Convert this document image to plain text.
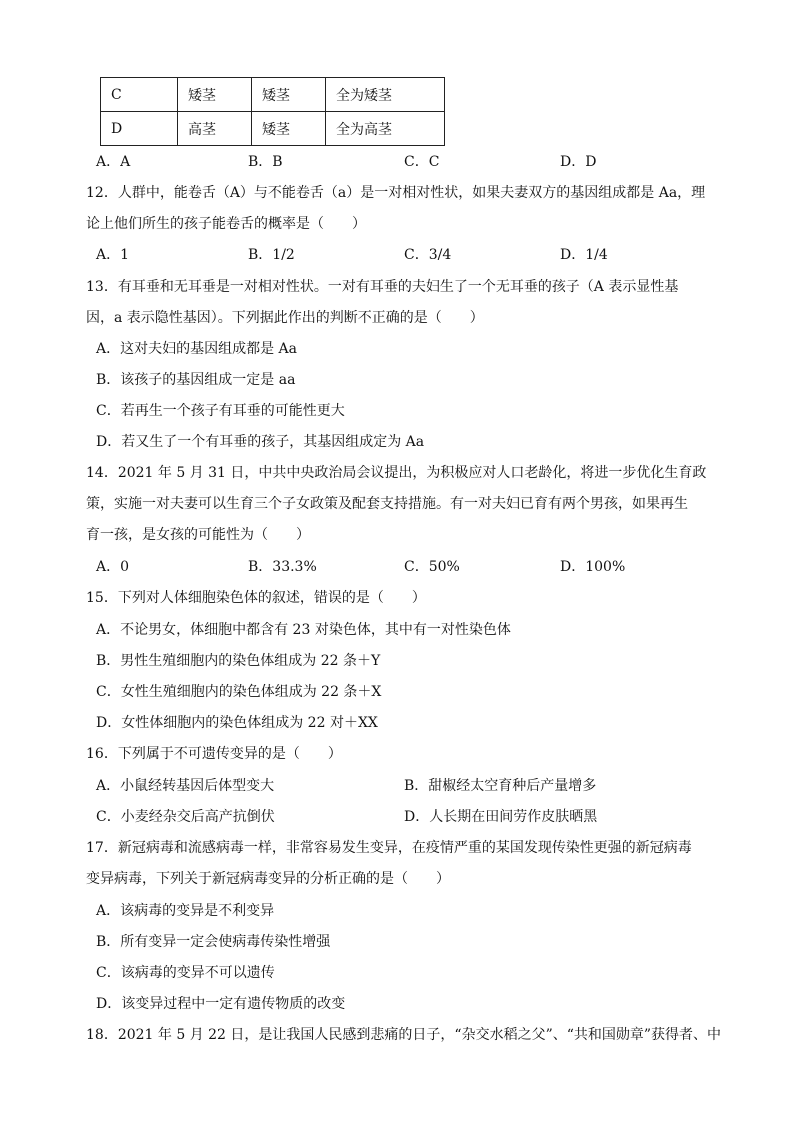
C	矮茎	矮茎	全为矮茎
D	高茎	矮茎	全为高茎
A．A	B．B	C．C	D．D
12．人群中，能卷舌（A）与不能卷舌（a）是一对相对性状，如果夫妻双方的基因组成都是 Aa，理
论上他们所生的孩子能卷舌的概率是（　　）
A．1	B．1/2	C．3/4	D．1/4
13．有耳垂和无耳垂是一对相对性状。一对有耳垂的夫妇生了一个无耳垂的孩子（A 表示显性基
因，a 表示隐性基因）。下列据此作出的判断不正确的是（　　）
A．这对夫妇的基因组成都是 Aa
B．该孩子的基因组成一定是 aa
C．若再生一个孩子有耳垂的可能性更大
D．若又生了一个有耳垂的孩子，其基因组成定为 Aa
14．2021 年 5 月 31 日，中共中央政治局会议提出，为积极应对人口老龄化，将进一步优化生育政
策，实施一对夫妻可以生育三个子女政策及配套支持措施。有一对夫妇已育有两个男孩，如果再生
育一孩，是女孩的可能性为（　　）
A．0	B．33.3%	C．50%	D．100%
15．下列对人体细胞染色体的叙述，错误的是（　　）
A．不论男女，体细胞中都含有 23 对染色体，其中有一对性染色体
B．男性生殖细胞内的染色体组成为 22 条＋Y
C．女性生殖细胞内的染色体组成为 22 条＋X
D．女性体细胞内的染色体组成为 22 对＋XX
16．下列属于不可遗传变异的是（　　）
A．小鼠经转基因后体型变大	B．甜椒经太空育种后产量增多
C．小麦经杂交后高产抗倒伏	D．人长期在田间劳作皮肤晒黑
17．新冠病毒和流感病毒一样，非常容易发生变异，在疫情严重的某国发现传染性更强的新冠病毒
变异病毒，下列关于新冠病毒变异的分析正确的是（　　）
A．该病毒的变异是不利变异
B．所有变异一定会使病毒传染性增强
C．该病毒的变异不可以遗传
D．该变异过程中一定有遗传物质的改变
18．2021 年 5 月 22 日，是让我国人民感到悲痛的日子，“杂交水稻之父”、“共和国勋章”获得者、中
